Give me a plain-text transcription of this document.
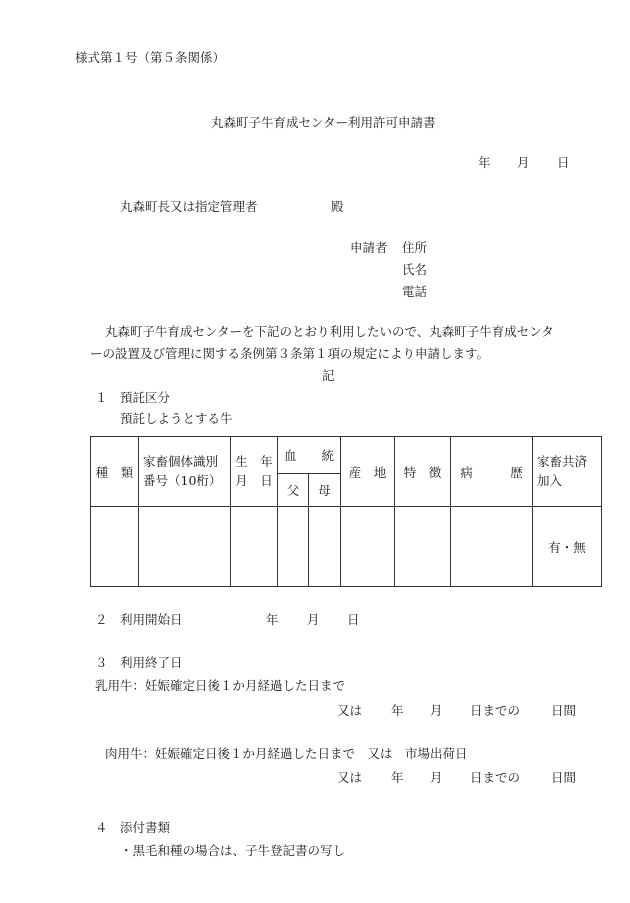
様式第１号（第５条関係）
丸森町子牛育成センター利用許可申請書
年 月 日
丸森町長又は指定管理者	殿
申請者 住所
氏名
電話
丸森町子牛育成センターを下記のとおり利用したいので、丸森町子牛育成センタ
ーの設置及び管理に関する条例第３条第１項の規定により申請します。
記
１　預託区分
預託しようとする牛
種　類	家畜個体識別番号（10桁）	生　年月　日	血　　統		産　地	特　徴	病　　　歴	家畜共済加入
			父	母				
								有・無
２　利用開始日	年 月 日
３　利用終了日
乳用牛：妊娠確定日後１か月経過した日まで
又は 年 月 日までの 日間
肉用牛：妊娠確定日後１か月経過した日まで　又は　市場出荷日
又は 年 月 日までの 日間
４　添付書類
・黒毛和種の場合は、子牛登記書の写し
